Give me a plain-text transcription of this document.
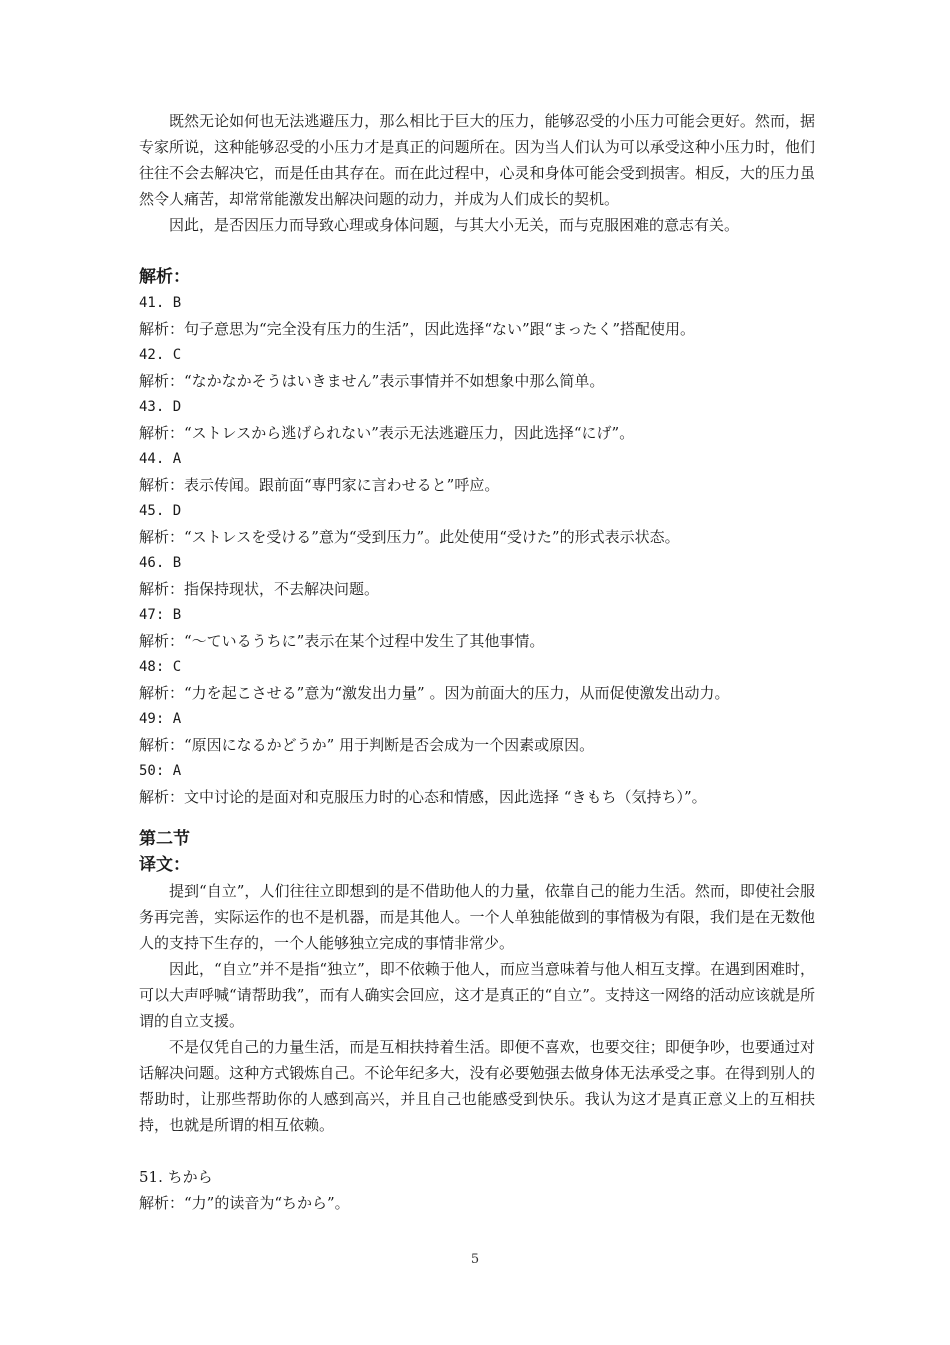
既然无论如何也无法逃避压力，那么相比于巨大的压力，能够忍受的小压力可能会更好。然而，据专家所说，这种能够忍受的小压力才是真正的问题所在。因为当人们认为可以承受这种小压力时，他们往往不会去解决它，而是任由其存在。而在此过程中，心灵和身体可能会受到损害。相反，大的压力虽然令人痛苦，却常常能激发出解决问题的动力，并成为人们成长的契机。

因此，是否因压力而导致心理或身体问题，与其大小无关，而与克服困难的意志有关。

解析：

41. B

解析：句子意思为“完全没有压力的生活”，因此选择“ない”跟“まったく”搭配使用。

42. C

解析：“なかなかそうはいきません”表示事情并不如想象中那么简单。

43. D

解析：“ストレスから逃げられない”表示无法逃避压力，因此选择“にげ”。

44. A

解析：表示传闻。跟前面“専門家に言わせると”呼应。

45. D

解析：“ストレスを受ける”意为“受到压力”。此处使用“受けた”的形式表示状态。

46. B

解析：指保持现状，不去解决问题。

47: B

解析：“～ているうちに”表示在某个过程中发生了其他事情。

48: C

解析：“力を起こさせる”意为“激发出力量” 。因为前面大的压力，从而促使激发出动力。

49: A

解析：“原因になるかどうか” 用于判断是否会成为一个因素或原因。

50: A

解析：文中讨论的是面对和克服压力时的心态和情感，因此选择 “きもち（気持ち）”。

第二节

译文：

提到“自立”，人们往往立即想到的是不借助他人的力量，依靠自己的能力生活。然而，即使社会服务再完善，实际运作的也不是机器，而是其他人。一个人单独能做到的事情极为有限，我们是在无数他人的支持下生存的，一个人能够独立完成的事情非常少。

因此，“自立”并不是指“独立”，即不依赖于他人，而应当意味着与他人相互支撑。在遇到困难时，可以大声呼喊“请帮助我”，而有人确实会回应，这才是真正的“自立”。支持这一网络的活动应该就是所谓的自立支援。

不是仅凭自己的力量生活，而是互相扶持着生活。即便不喜欢，也要交往；即便争吵，也要通过对话解决问题。这种方式锻炼自己。不论年纪多大，没有必要勉强去做身体无法承受之事。在得到别人的帮助时，让那些帮助你的人感到高兴，并且自己也能感受到快乐。我认为这才是真正意义上的互相扶持，也就是所谓的相互依赖。

51. ちから

解析：“力”的读音为“ちから”。

5
